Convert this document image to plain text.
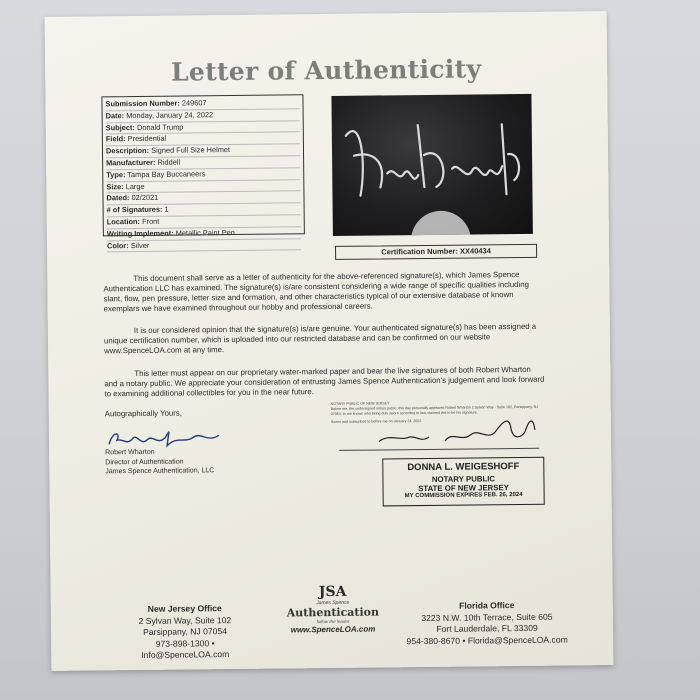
Letter of Authenticity
Submission Number: 249607
Date: Monday, January 24, 2022
Subject: Donald Trump
Field: Presidential
Description: Signed Full Size Helmet
Manufacturer: Riddell
Type: Tampa Bay Buccaneers
Size: Large
Dated: 02/2021
# of Signatures: 1
Location: Front
Writing Implement: Metallic Paint Pen
Color: Silver
Certification Number: XX40434
This document shall serve as a letter of authenticity for the above-referenced signature(s), which James Spence Authentication LLC has examined. The signature(s) is/are consistent considering a wide range of specific qualities including slant, flow, pen pressure, letter size and formation, and other characteristics typical of our extensive database of known exemplars we have examined throughout our hobby and professional careers.
It is our considered opinion that the signature(s) is/are genuine. Your authenticated signature(s) has been assigned a unique certification number, which is uploaded into our restricted database and can be confirmed on our website www.SpenceLOA.com at any time.
This letter must appear on our proprietary water-marked paper and bear the live signatures of both Robert Wharton and a notary public. We appreciate your consideration of entrusting James Spence Authentication's judgement and look forward to examining additional collectibles for you in the near future.
Autographically Yours,
Robert Wharton
Director of Authentication
James Spence Authentication, LLC
NOTARY PUBLIC OF NEW JERSEY
Before me, the undersigned notary public, this day personally appeared Robert Wharton 2 Sylvan Way - Suite 102, Parsippany, NJ 07054, to me known who being duly sworn according to law, claimed this to be his signature.
Sworn and subscribed to before me on January 24, 2022
DONNA L. WEIGESHOFF
NOTARY PUBLIC
STATE OF NEW JERSEY
MY COMMISSION EXPIRES FEB. 26, 2024
New Jersey Office
2 Sylvan Way, Suite 102
Parsippany, NJ 07054
973-898-1300 • Info@SpenceLOA.com
JSA
James Spence
Authentication
follow the leader
www.SpenceLOA.com
Florida Office
3223 N.W. 10th Terrace, Suite 605
Fort Lauderdale, FL 33309
954-380-8670 • Florida@SpenceLOA.com
